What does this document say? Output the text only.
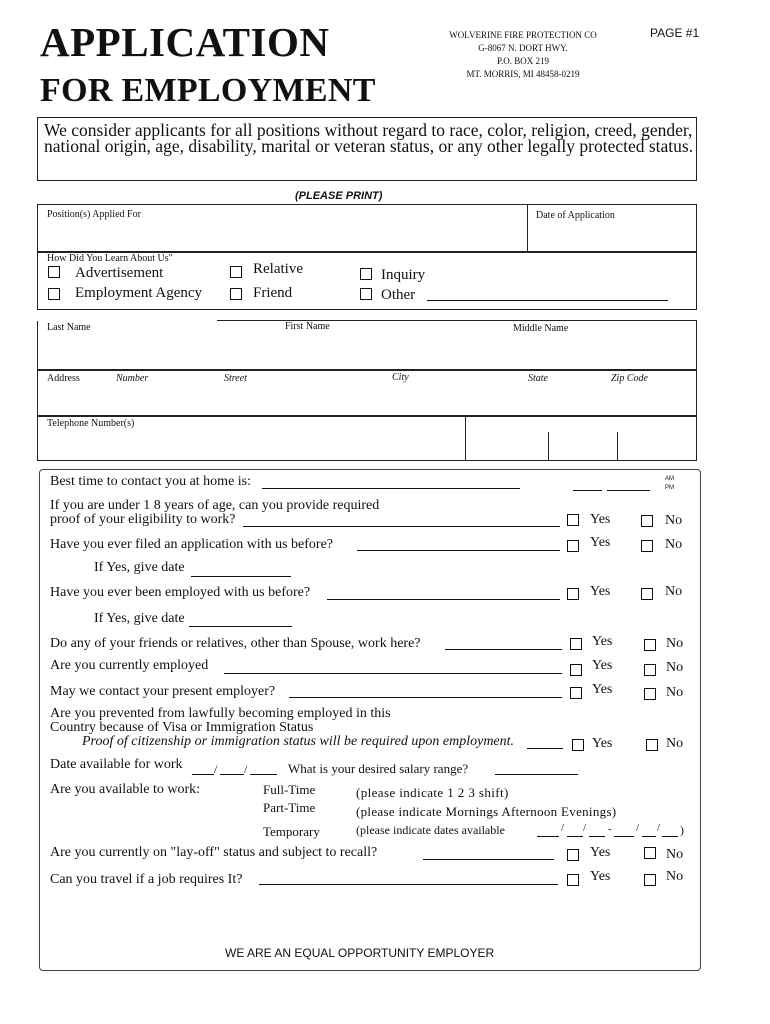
APPLICATION
FOR EMPLOYMENT
WOLVERINE FIRE PROTECTION CO
G-8067 N. DORT HWY.
P.O. BOX 219
MT. MORRIS, MI 48458-0219
PAGE #1
We consider applicants for all positions without regard to race, color, religion, creed, gender, national origin, age, disability, marital or veteran status, or any other legally protected status.
(PLEASE PRINT)
Position(s) Applied For	Date of Application
How Did You Learn About Us"
Advertisement
Employment Agency
Relative
Friend
Inquiry
Other
Last Name	First Name	Middle Name
Address	Number	Street	City	State	Zip Code
Telephone Number(s)
Best time to contact you at home is:	AM
PM
If you are under 1 8 years of age, can you provide required
proof of your eligibility to work?	Yes	No
Have you ever filed an application with us before?	Yes	No
If Yes, give date
Have you ever been employed with us before?	Yes	No
If Yes, give date
Do any of your friends or relatives, other than Spouse, work here?	Yes	No
Are you currently employed	Yes	No
May we contact your present employer?	Yes	No
Are you prevented from lawfully becoming employed in this
Country because of Visa or Immigration Status
Proof of citizenship or immigration status will be required upon employment.	Yes	No
Date available for work	/ /	What is your desired salary range?
Are you available to work:	Full-Time	(please indicate 1 2 3 shift)
Part-Time	(please indicate Mornings Afternoon Evenings)
Temporary	(please indicate dates available	/ / - / / )
Are you currently on "lay-off" status and subject to recall?	Yes	No
Can you travel if a job requires It?	Yes	No
WE ARE AN EQUAL OPPORTUNITY EMPLOYER
